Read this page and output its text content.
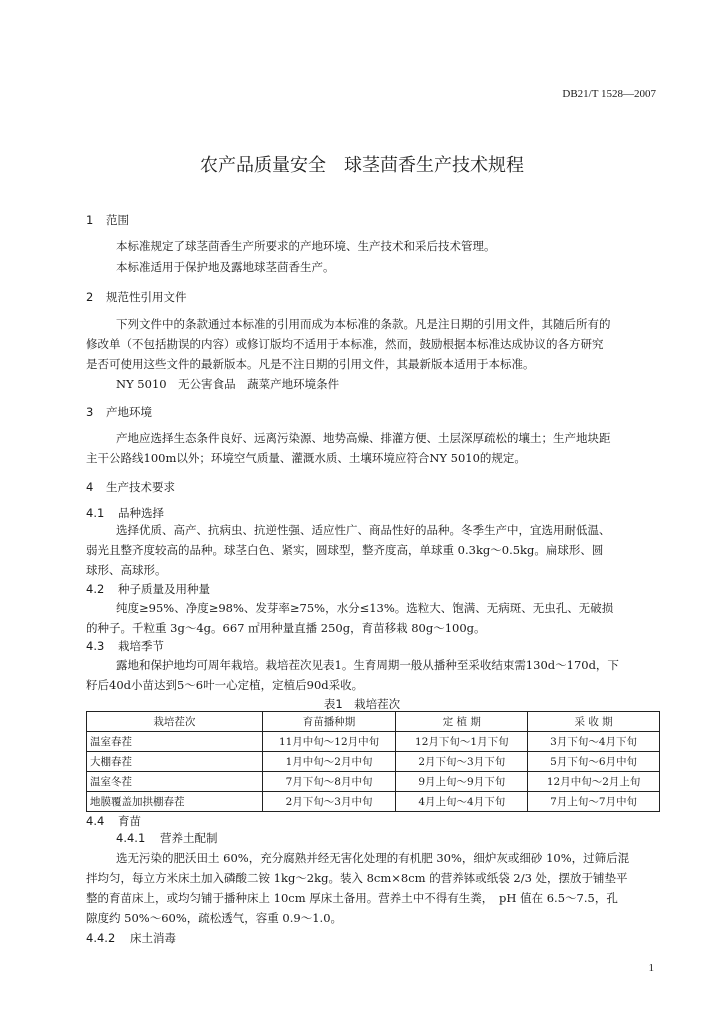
DB21/T 1528—2007
农产品质量安全　球茎茴香生产技术规程
1 范围
本标准规定了球茎茴香生产所要求的产地环境、生产技术和采后技术管理。
本标准适用于保护地及露地球茎茴香生产。
2 规范性引用文件
下列文件中的条款通过本标准的引用而成为本标准的条款。凡是注日期的引用文件，其随后所有的
修改单（不包括勘误的内容）或修订版均不适用于本标准，然而，鼓励根据本标准达成协议的各方研究
是否可使用这些文件的最新版本。凡是不注日期的引用文件，其最新版本适用于本标准。
NY 5010　无公害食品　蔬菜产地环境条件
3 产地环境
产地应选择生态条件良好、远离污染源、地势高燥、排灌方便、土层深厚疏松的壤土；生产地块距
主干公路线100m以外；环境空气质量、灌溉水质、土壤环境应符合NY 5010的规定。
4 生产技术要求
4.1 品种选择
选择优质、高产、抗病虫、抗逆性强、适应性广、商品性好的品种。冬季生产中，宜选用耐低温、
弱光且整齐度较高的品种。球茎白色、紧实，圆球型，整齐度高，单球重 0.3kg～0.5kg。扁球形、圆
球形、高球形。
4.2 种子质量及用种量
纯度≥95%、净度≥98%、发芽率≥75%，水分≤13%。选粒大、饱满、无病斑、无虫孔、无破损
的种子。千粒重 3g～4g。667 ㎡用种量直播 250g，育苗移栽 80g～100g。
4.3 栽培季节
露地和保护地均可周年栽培。栽培茬次见表1。生育周期一般从播种至采收结束需130d～170d，下
籽后40d小苗达到5～6叶一心定植，定植后90d采收。
表1　栽培茬次
栽培茬次	育苗播种期	定 植 期	采 收 期
温室春茬	11月中旬～12月中旬	12月下旬～1月下旬	3月下旬～4月下旬
大棚春茬	1月中旬～2月中旬	2月下旬～3月下旬	5月下旬～6月中旬
温室冬茬	7月下旬～8月中旬	9月上旬～9月下旬	12月中旬～2月上旬
地膜覆盖加拱棚春茬	2月下旬～3月中旬	4月上旬～4月下旬	7月上旬～7月中旬
4.4 育苗
4.4.1 营养土配制
选无污染的肥沃田土 60%，充分腐熟并经无害化处理的有机肥 30%，细炉灰或细砂 10%，过筛后混
拌均匀，每立方米床土加入磷酸二铵 1kg～2kg。装入 8cm×8cm 的营养钵或纸袋 2/3 处，摆放于铺垫平
整的育苗床上，或均匀铺于播种床上 10cm 厚床土备用。营养土中不得有生粪，　pH 值在 6.5～7.5，孔
隙度约 50%～60%，疏松透气，容重 0.9～1.0。
4.4.2 床土消毒
1
